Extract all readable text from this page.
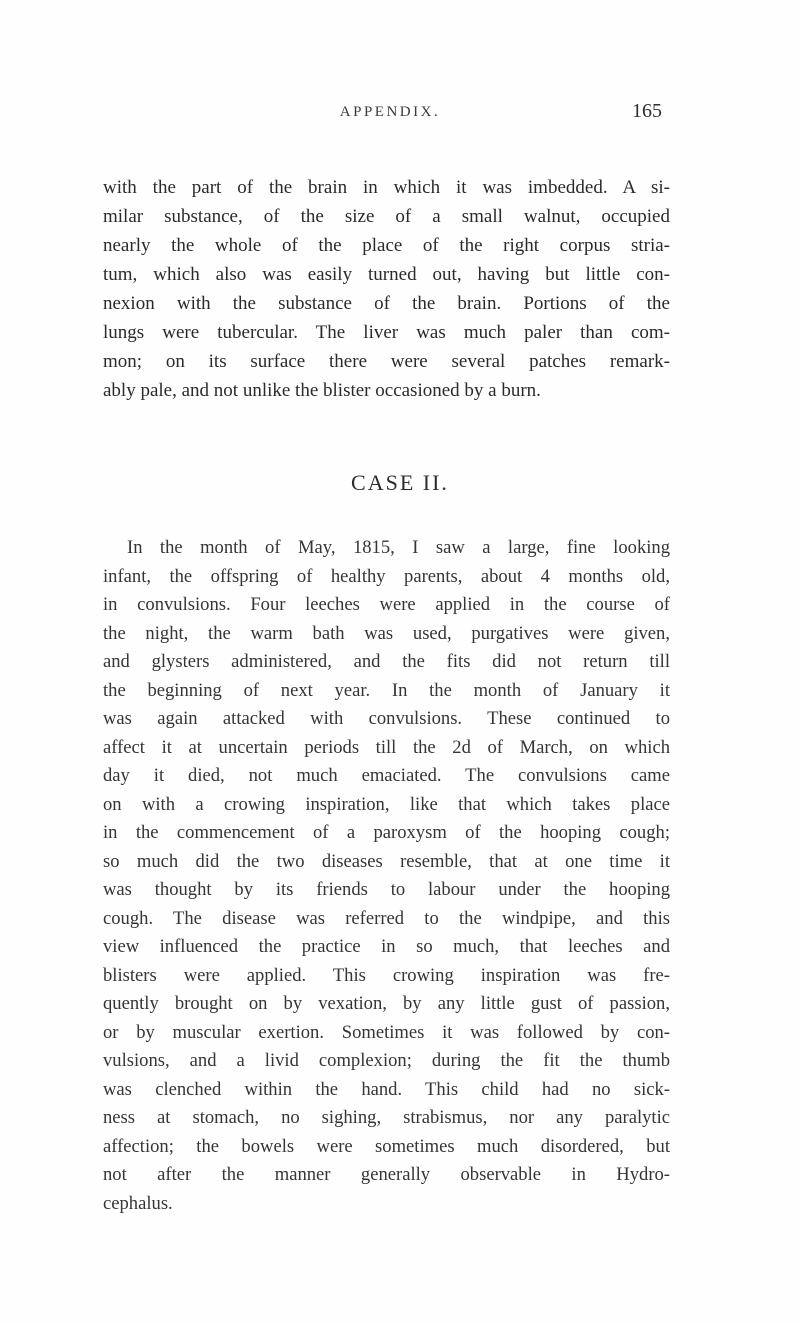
APPENDIX.	165

with the part of the brain in which it was imbedded. A si-
milar substance, of the size of a small walnut, occupied
nearly the whole of the place of the right corpus stria-
tum, which also was easily turned out, having but little con-
nexion with the substance of the brain. Portions of the
lungs were tubercular. The liver was much paler than com-
mon; on its surface there were several patches remark-
ably pale, and not unlike the blister occasioned by a burn.

CASE II.

In the month of May, 1815, I saw a large, fine looking
infant, the offspring of healthy parents, about 4 months old,
in convulsions. Four leeches were applied in the course of
the night, the warm bath was used, purgatives were given,
and glysters administered, and the fits did not return till
the beginning of next year. In the month of January it
was again attacked with convulsions. These continued to
affect it at uncertain periods till the 2d of March, on which
day it died, not much emaciated. The convulsions came
on with a crowing inspiration, like that which takes place
in the commencement of a paroxysm of the hooping cough;
so much did the two diseases resemble, that at one time it
was thought by its friends to labour under the hooping
cough. The disease was referred to the windpipe, and this
view influenced the practice in so much, that leeches and
blisters were applied. This crowing inspiration was fre-
quently brought on by vexation, by any little gust of passion,
or by muscular exertion. Sometimes it was followed by con-
vulsions, and a livid complexion; during the fit the thumb
was clenched within the hand. This child had no sick-
ness at stomach, no sighing, strabismus, nor any paralytic
affection; the bowels were sometimes much disordered, but
not after the manner generally observable in Hydro-
cephalus.
